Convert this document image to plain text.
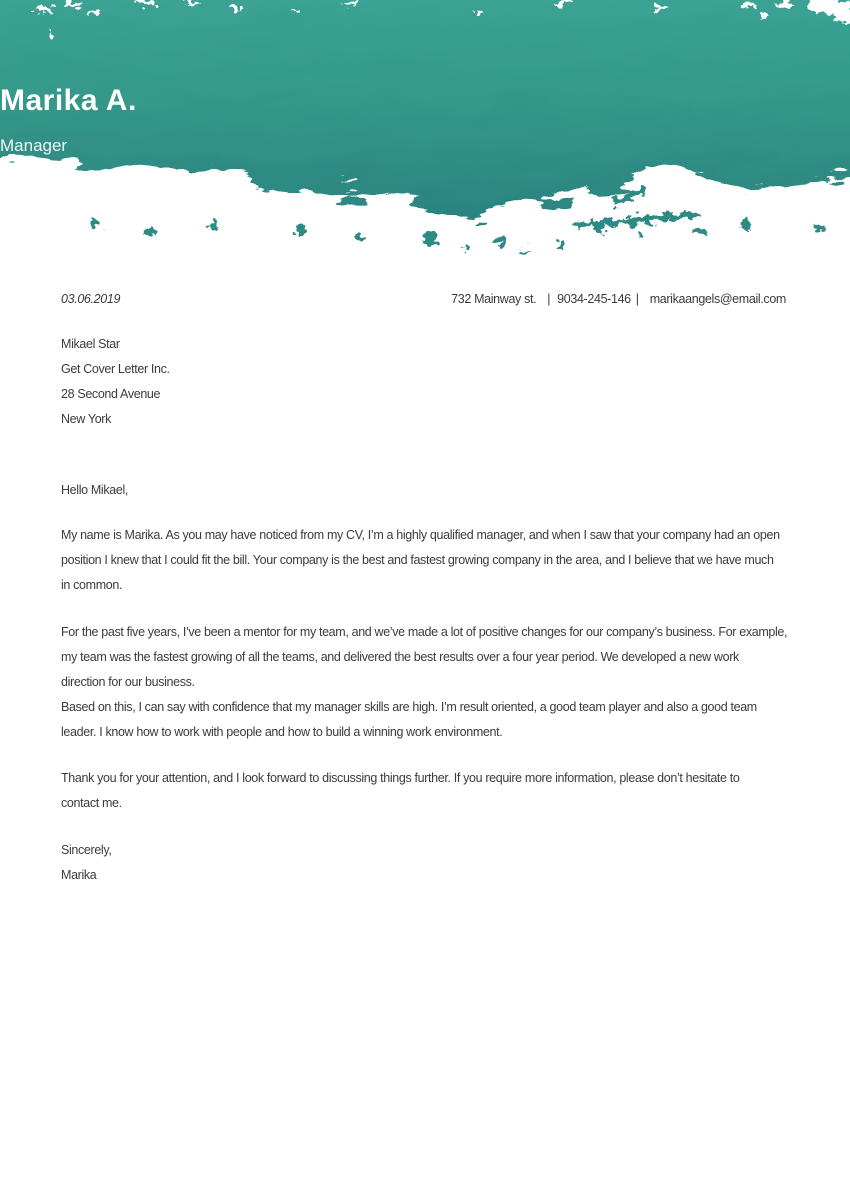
Marika A.
Manager
03.06.2019	732 Mainway st. | 9034-245-146 | marikaangels@email.com
Mikael Star
Get Cover Letter Inc.
28 Second Avenue
New York
Hello Mikael,
My name is Marika. As you may have noticed from my CV, I’m a highly qualified manager, and when I saw that your company had an open
position I knew that I could fit the bill. Your company is the best and fastest growing company in the area, and I believe that we have much
in common.
For the past five years, I’ve been a mentor for my team, and we’ve made a lot of positive changes for our company’s business. For example,
my team was the fastest growing of all the teams, and delivered the best results over a four year period. We developed a new work
direction for our business.
Based on this, I can say with confidence that my manager skills are high. I’m result oriented, a good team player and also a good team
leader. I know how to work with people and how to build a winning work environment.
Thank you for your attention, and I look forward to discussing things further. If you require more information, please don’t hesitate to
contact me.
Sincerely,
Marika
